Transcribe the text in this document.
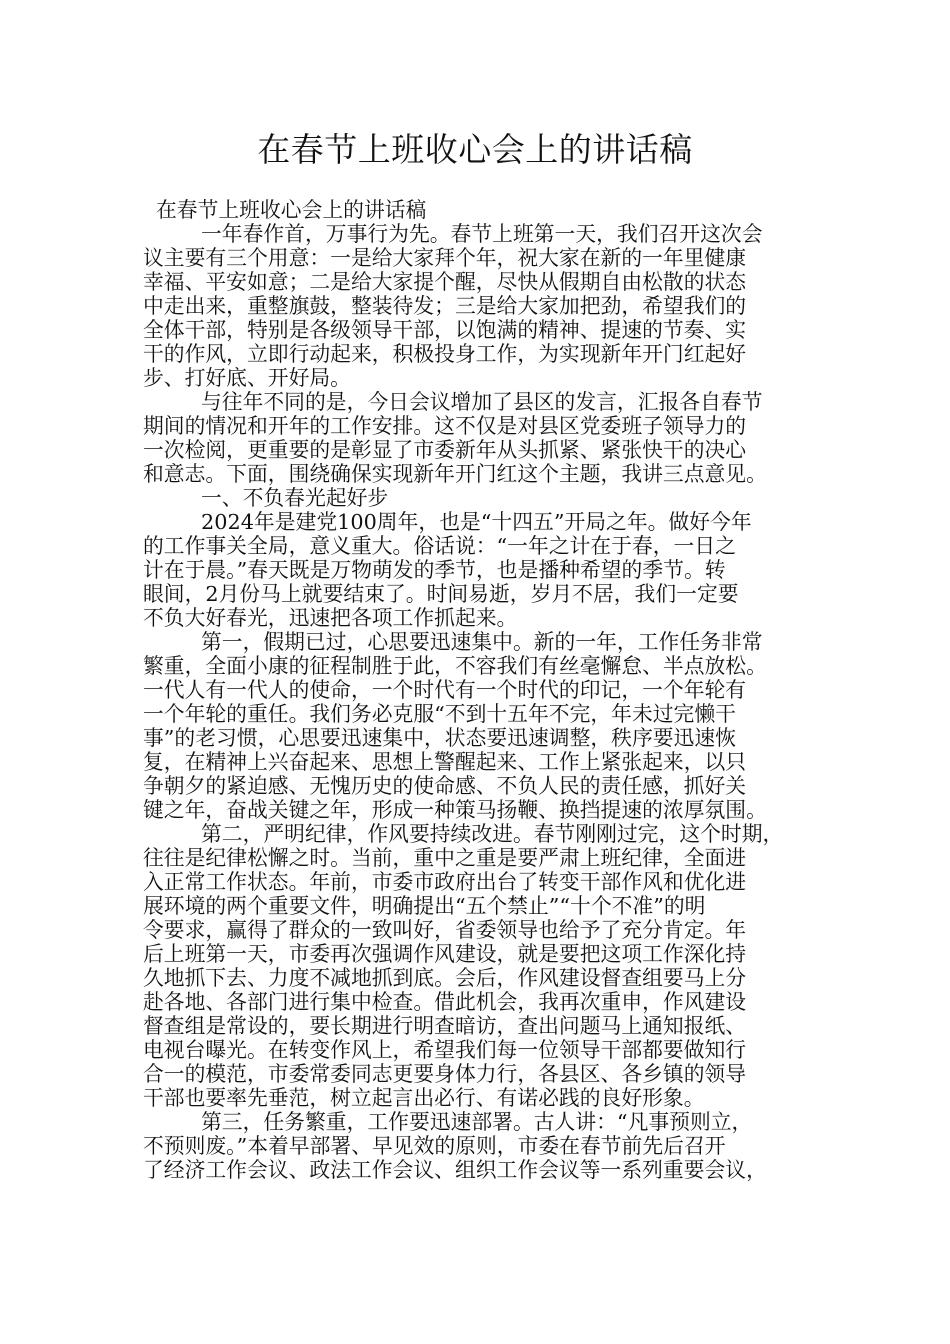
在春节上班收心会上的讲话稿
在春节上班收心会上的讲话稿
一年春作首，万事行为先。春节上班第一天，我们召开这次会
议主要有三个用意：一是给大家拜个年，祝大家在新的一年里健康
幸福、平安如意；二是给大家提个醒，尽快从假期自由松散的状态
中走出来，重整旗鼓，整装待发；三是给大家加把劲，希望我们的
全体干部，特别是各级领导干部，以饱满的精神、提速的节奏、实
干的作风，立即行动起来，积极投身工作，为实现新年开门红起好
步、打好底、开好局。
与往年不同的是，今日会议增加了县区的发言，汇报各自春节
期间的情况和开年的工作安排。这不仅是对县区党委班子领导力的
一次检阅，更重要的是彰显了市委新年从头抓紧、紧张快干的决心
和意志。下面，围绕确保实现新年开门红这个主题，我讲三点意见。
一、不负春光起好步
2024年是建党100周年，也是“十四五”开局之年。做好今年
的工作事关全局，意义重大。俗话说：“一年之计在于春，一日之
计在于晨。”春天既是万物萌发的季节，也是播种希望的季节。转
眼间，2月份马上就要结束了。时间易逝，岁月不居，我们一定要
不负大好春光，迅速把各项工作抓起来。
第一，假期已过，心思要迅速集中。新的一年，工作任务非常
繁重，全面小康的征程制胜于此，不容我们有丝毫懈怠、半点放松。
一代人有一代人的使命，一个时代有一个时代的印记，一个年轮有
一个年轮的重任。我们务必克服“不到十五年不完，年未过完懒干
事”的老习惯，心思要迅速集中，状态要迅速调整，秩序要迅速恢
复，在精神上兴奋起来、思想上警醒起来、工作上紧张起来，以只
争朝夕的紧迫感、无愧历史的使命感、不负人民的责任感，抓好关
键之年，奋战关键之年，形成一种策马扬鞭、换挡提速的浓厚氛围。
第二，严明纪律，作风要持续改进。春节刚刚过完，这个时期，
往往是纪律松懈之时。当前，重中之重是要严肃上班纪律，全面进
入正常工作状态。年前，市委市政府出台了转变干部作风和优化进
展环境的两个重要文件，明确提出“五个禁止”“十个不准”的明
令要求，赢得了群众的一致叫好，省委领导也给予了充分肯定。年
后上班第一天，市委再次强调作风建设，就是要把这项工作深化持
久地抓下去、力度不减地抓到底。会后，作风建设督查组要马上分
赴各地、各部门进行集中检查。借此机会，我再次重申，作风建设
督查组是常设的，要长期进行明查暗访，查出问题马上通知报纸、
电视台曝光。在转变作风上，希望我们每一位领导干部都要做知行
合一的模范，市委常委同志更要身体力行，各县区、各乡镇的领导
干部也要率先垂范，树立起言出必行、有诺必践的良好形象。
第三，任务繁重，工作要迅速部署。古人讲：“凡事预则立，
不预则废。”本着早部署、早见效的原则，市委在春节前先后召开
了经济工作会议、政法工作会议、组织工作会议等一系列重要会议，
